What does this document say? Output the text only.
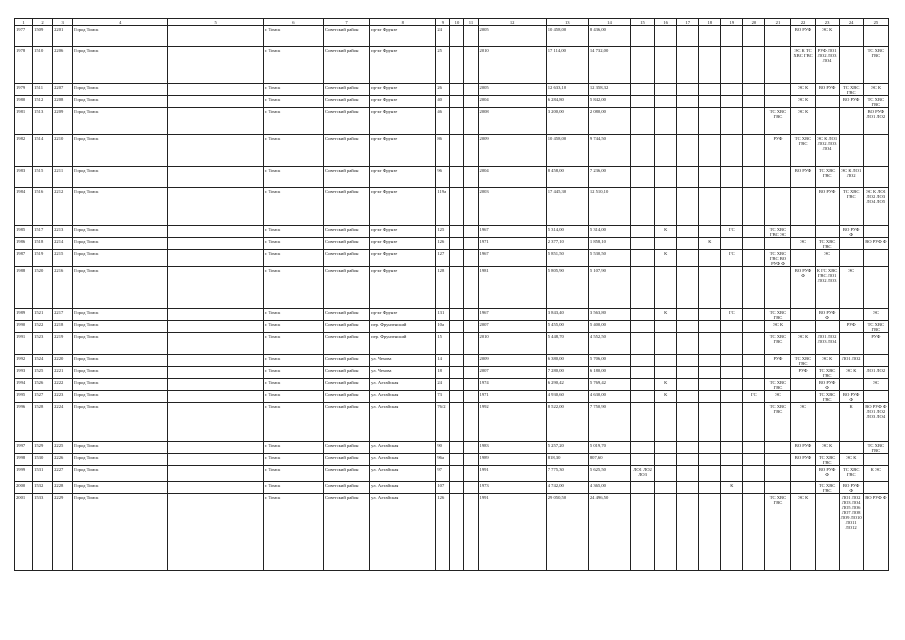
1	2	3	4	5	6	7	8	9	10	11	12	13	14	15	16	17	18	19	20	21	22	23	24	25
1977	1509	2201	Город Томск		г. Томск	Советский район	пр-кт Фрунзе	24			2005	10 458,00	8 436,00								ВО РУФ	ЭС К		
1978	1510	2206	Город Томск		г. Томск	Советский район	пр-кт Фрунзе	25			2010	17 114,00	14 732,00								ЭС К ТС ХВС ГВС	РУФ ЛО1 ЛО2 ЛО3 ЛО4		ТС ХВС ГВС
1979	1511	2207	Город Томск		г. Томск	Советский район	пр-кт Фрунзе	26			2005	12 633,10	12 358,32								ЭС К	ВО РУФ	ТС ХВС ГВС	ЭС К
1980	1512	2208	Город Томск		г. Томск	Советский район	пр-кт Фрунзе	40			2004	6 284,80	5 842,00								ЭС К		ВО РУФ	ТС ХВС ГВС
1981	1513	2209	Город Томск		г. Томск	Советский район	пр-кт Фрунзе	46			2008	3 200,00	2 080,00							ТС ХВС ГВС	ЭС К			ВО РУФ ЛО1 ЛО2
1982	1514	2210	Город Томск		г. Томск	Советский район	пр-кт Фрунзе	86			2009	10 458,00	9 744,50							РУФ	ТС ХВС ГВС	ЭС К ЛО1 ЛО2 ЛО3 ЛО4		
1983	1515	2211	Город Томск		г. Томск	Советский район	пр-кт Фрунзе	96			2004	8 458,00	7 236,00								ВО РУФ	ТС ХВС ГВС	ЭС К ЛО1 ЛО2	
1984	1516	2212	Город Томск		г. Томск	Советский район	пр-кт Фрунзе	119а			2003	17 445,30	12 510,10									ВО РУФ	ТС ХВС ГВС	ЭС К ЛО1 ЛО2 ЛО3 ЛО4 ЛО5
1985	1517	2213	Город Томск		г. Томск	Советский район	пр-кт Фрунзе	125			1967	5 314,00	5 314,00		К			ГС		ТС ХВС ГВС ЭС			ВО РУФ Ф	
1986	1518	2214	Город Томск		г. Томск	Советский район	пр-кт Фрунзе	126			1971	2 377,10	1 858,10				К				ЭС	ТС ХВС ГВС		ВО РУФ Ф
1987	1519	2215	Город Томск		г. Томск	Советский район	пр-кт Фрунзе	127			1967	5 851,50	5 530,50		К			ГС		ТС ХВС ГВС ВО РУФ Ф		ЭС		
1988	1520	2216	Город Томск		г. Томск	Советский район	пр-кт Фрунзе	128			1981	5 805,90	5 107,90								ВО РУФ Ф	К ГС ХВС ГВС ЛО1 ЛО2 ЛО3	ЭС	
1989	1521	2217	Город Томск		г. Томск	Советский район	пр-кт Фрунзе	131			1967	3 843,40	3 563,80		К			ГС		ТС ХВС ГВС		ВО РУФ Ф		ЭС
1990	1522	2218	Город Томск		г. Томск	Советский район	пер. Фрунзенский	10а			2007	5 455,00	5 400,00							ЭС К			РУФ	ТС ХВС ГВС
1991	1523	2219	Город Томск		г. Томск	Советский район	пер. Фрунзенский	15			2010	5 448,70	4 552,50							ТС ХВС ГВС	ЭС К	ЛО1 ЛО2 ЛО3 ЛО4		РУФ
1992	1524	2220	Город Томск		г. Томск	Советский район	ул. Чехова	14			2009	6 380,00	5 706,00							РУФ	ТС ХВС ГВС	ЭС К	ЛО1 ЛО2	
1993	1525	2221	Город Томск		г. Томск	Советский район	ул. Чехова	18			2007	7 280,00	6 180,00								РУФ	ТС ХВС ГВС	ЭС К	ЛО1 ЛО2
1994	1526	2222	Город Томск		г. Томск	Советский район	ул. Алтайская	24			1974	6 290,42	5 769,42		К					ТС ХВС ГВС		ВО РУФ Ф		ЭС
1995	1527	2223	Город Томск		г. Томск	Советский район	ул. Алтайская	73			1971	4 930,60	4 630,00		К				ГС	ЭС		ТС ХВС ГВС	ВО РУФ Ф	
1996	1528	2224	Город Томск		г. Томск	Советский район	ул. Алтайская	76/2			1992	8 522,00	7 750,90							ТС ХВС ГВС	ЭС		К	ВО РУФ Ф ЛО1 ЛО2 ЛО3 ЛО4
1997	1529	2225	Город Томск		г. Томск	Советский район	ул. Алтайская	90			1983	5 257,20	5 019,70								ВО РУФ	ЭС К		ТС ХВС ГВС
1998	1530	2226	Город Томск		г. Томск	Советский район	ул. Алтайская	96а			1989	818,30	807,60								ВО РУФ	ТС ХВС ГВС	ЭС К	
1999	1531	2227	Город Томск		г. Томск	Советский район	ул. Алтайская	97			1991	7 775,30	5 625,50	ЛО1 ЛО2 ЛО3								ВО РУФ Ф	ТС ХВС ГВС	К ЭС
2000	1532	2228	Город Томск		г. Томск	Советский район	ул. Алтайская	107			1973	4 742,00	4 365,00					К				ТС ХВС ГВС	ВО РУФ Ф	
2001	1533	2229	Город Томск		г. Томск	Советский район	ул. Алтайская	126			1991	29 050,50	24 496,50							ТС ХВС ГВС	ЭС К		ЛО1 ЛО2 ЛО3 ЛО4 ЛО5 ЛО6 ЛО7 ЛО8 ЛО9 ЛО10 ЛО11 ЛО12	ВО РУФ Ф
